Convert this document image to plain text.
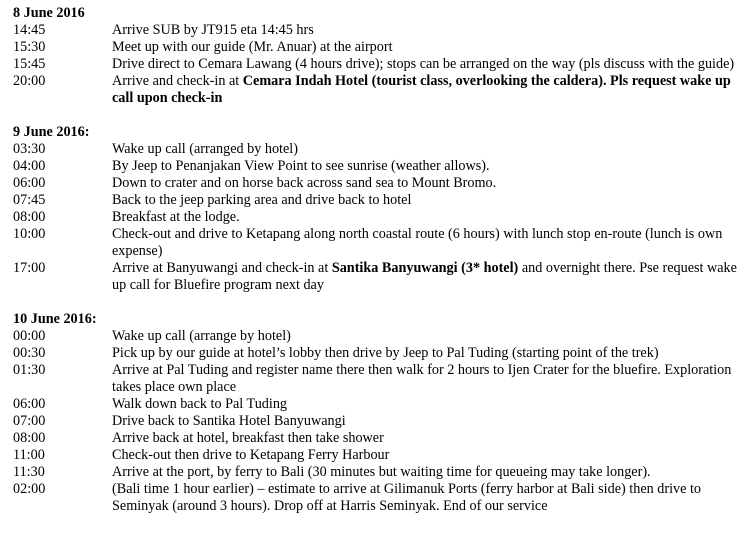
8 June 2016
14:45	Arrive SUB by JT915 eta 14:45 hrs
15:30	Meet up with our guide (Mr. Anuar) at the airport
15:45	Drive direct to Cemara Lawang (4 hours drive); stops can be arranged on the way (pls discuss with the guide)
20:00	Arrive and check-in at Cemara Indah Hotel (tourist class, overlooking the caldera). Pls request wake up call upon check-in
9 June 2016:
03:30	Wake up call (arranged by hotel)
04:00	By Jeep to Penanjakan View Point to see sunrise (weather allows).
06:00	Down to crater and on horse back across sand sea to Mount Bromo.
07:45	Back to the jeep parking area and drive back to hotel
08:00	Breakfast at the lodge.
10:00	Check-out and drive to Ketapang along north coastal route (6 hours) with lunch stop en-route (lunch is own expense)
17:00	Arrive at Banyuwangi and check-in at Santika Banyuwangi (3* hotel) and overnight there. Pse request wake up call for Bluefire program next day
10 June 2016:
00:00	Wake up call (arrange by hotel)
00:30	Pick up by our guide at hotel’s lobby then drive by Jeep to Pal Tuding (starting point of the trek)
01:30	Arrive at Pal Tuding and register name there then walk for 2 hours to Ijen Crater for the bluefire. Exploration takes place own place
06:00	Walk down back to Pal Tuding
07:00	Drive back to Santika Hotel Banyuwangi
08:00	Arrive back at hotel, breakfast then take shower
11:00	Check-out then drive to Ketapang Ferry Harbour
11:30	Arrive at the port, by ferry to Bali (30 minutes but waiting time for queueing may take longer).
02:00	(Bali time 1 hour earlier) – estimate to arrive at Gilimanuk Ports (ferry harbor at Bali side) then drive to Seminyak (around 3 hours). Drop off at Harris Seminyak. End of our service
